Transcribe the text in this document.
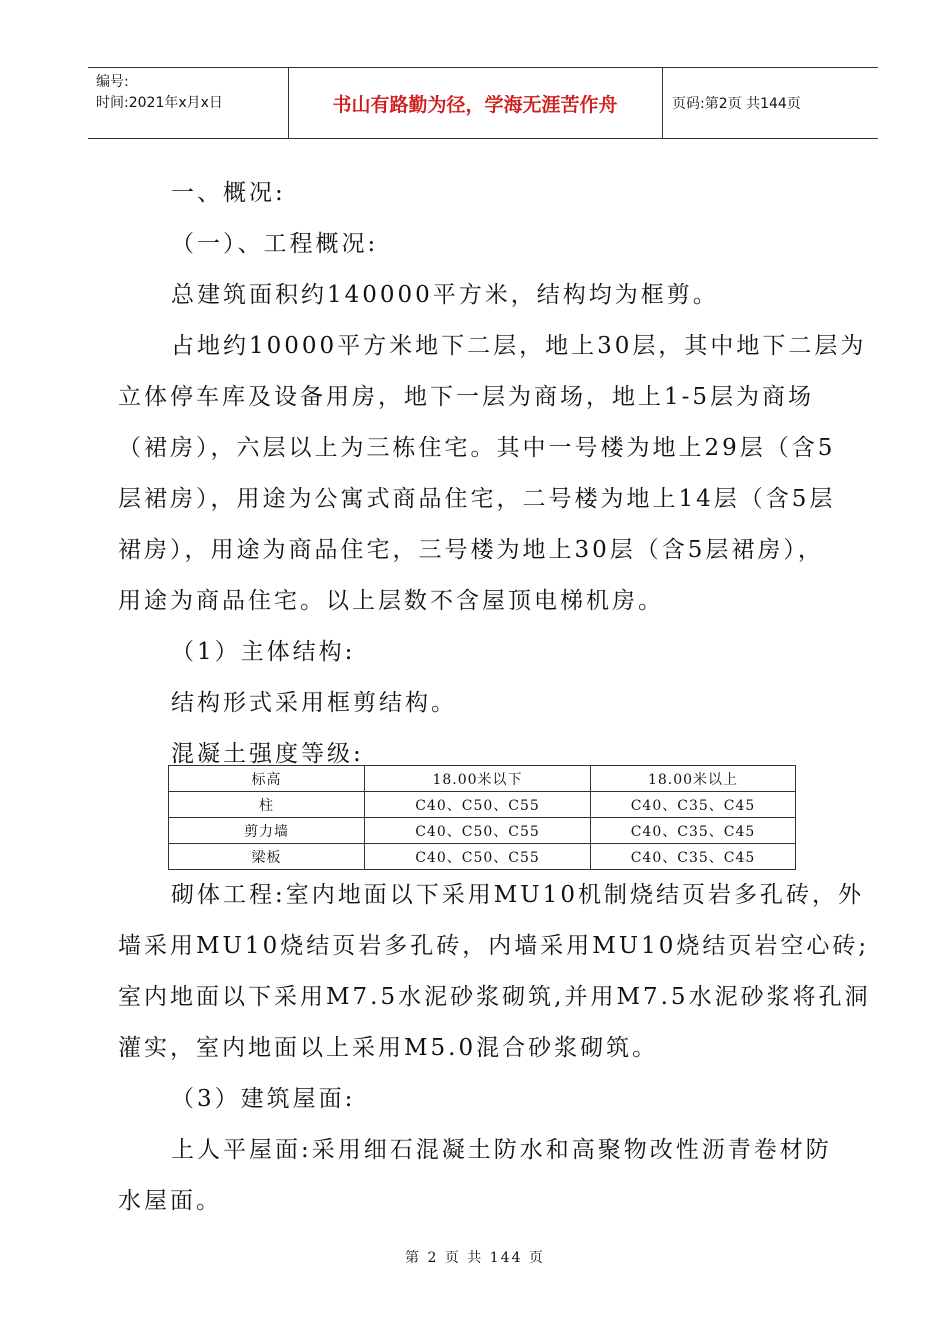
编号:
时间:2021年x月x日	书山有路勤为径，学海无涯苦作舟	页码:第2页 共144页

一、概况:

（一）、工程概况:

总建筑面积约140000平方米，结构均为框剪。

占地约10000平方米地下二层，地上30层，其中地下二层为

立体停车库及设备用房，地下一层为商场，地上1-5层为商场

（裙房），六层以上为三栋住宅。其中一号楼为地上29层（含5

层裙房），用途为公寓式商品住宅，二号楼为地上14层（含5层

裙房），用途为商品住宅，三号楼为地上30层（含5层裙房），

用途为商品住宅。以上层数不含屋顶电梯机房。

（1）主体结构:

结构形式采用框剪结构。

混凝土强度等级:

标高	18.00米以下	18.00米以上
柱	C40、C50、C55	C40、C35、C45
剪力墙	C40、C50、C55	C40、C35、C45
梁板	C40、C50、C55	C40、C35、C45

砌体工程:室内地面以下采用MU10机制烧结页岩多孔砖，外

墙采用MU10烧结页岩多孔砖，内墙采用MU10烧结页岩空心砖;

室内地面以下采用M7.5水泥砂浆砌筑,并用M7.5水泥砂浆将孔洞

灌实，室内地面以上采用M5.0混合砂浆砌筑。

（3）建筑屋面:

上人平屋面:采用细石混凝土防水和高聚物改性沥青卷材防

水屋面。

第 2 页 共 144 页
